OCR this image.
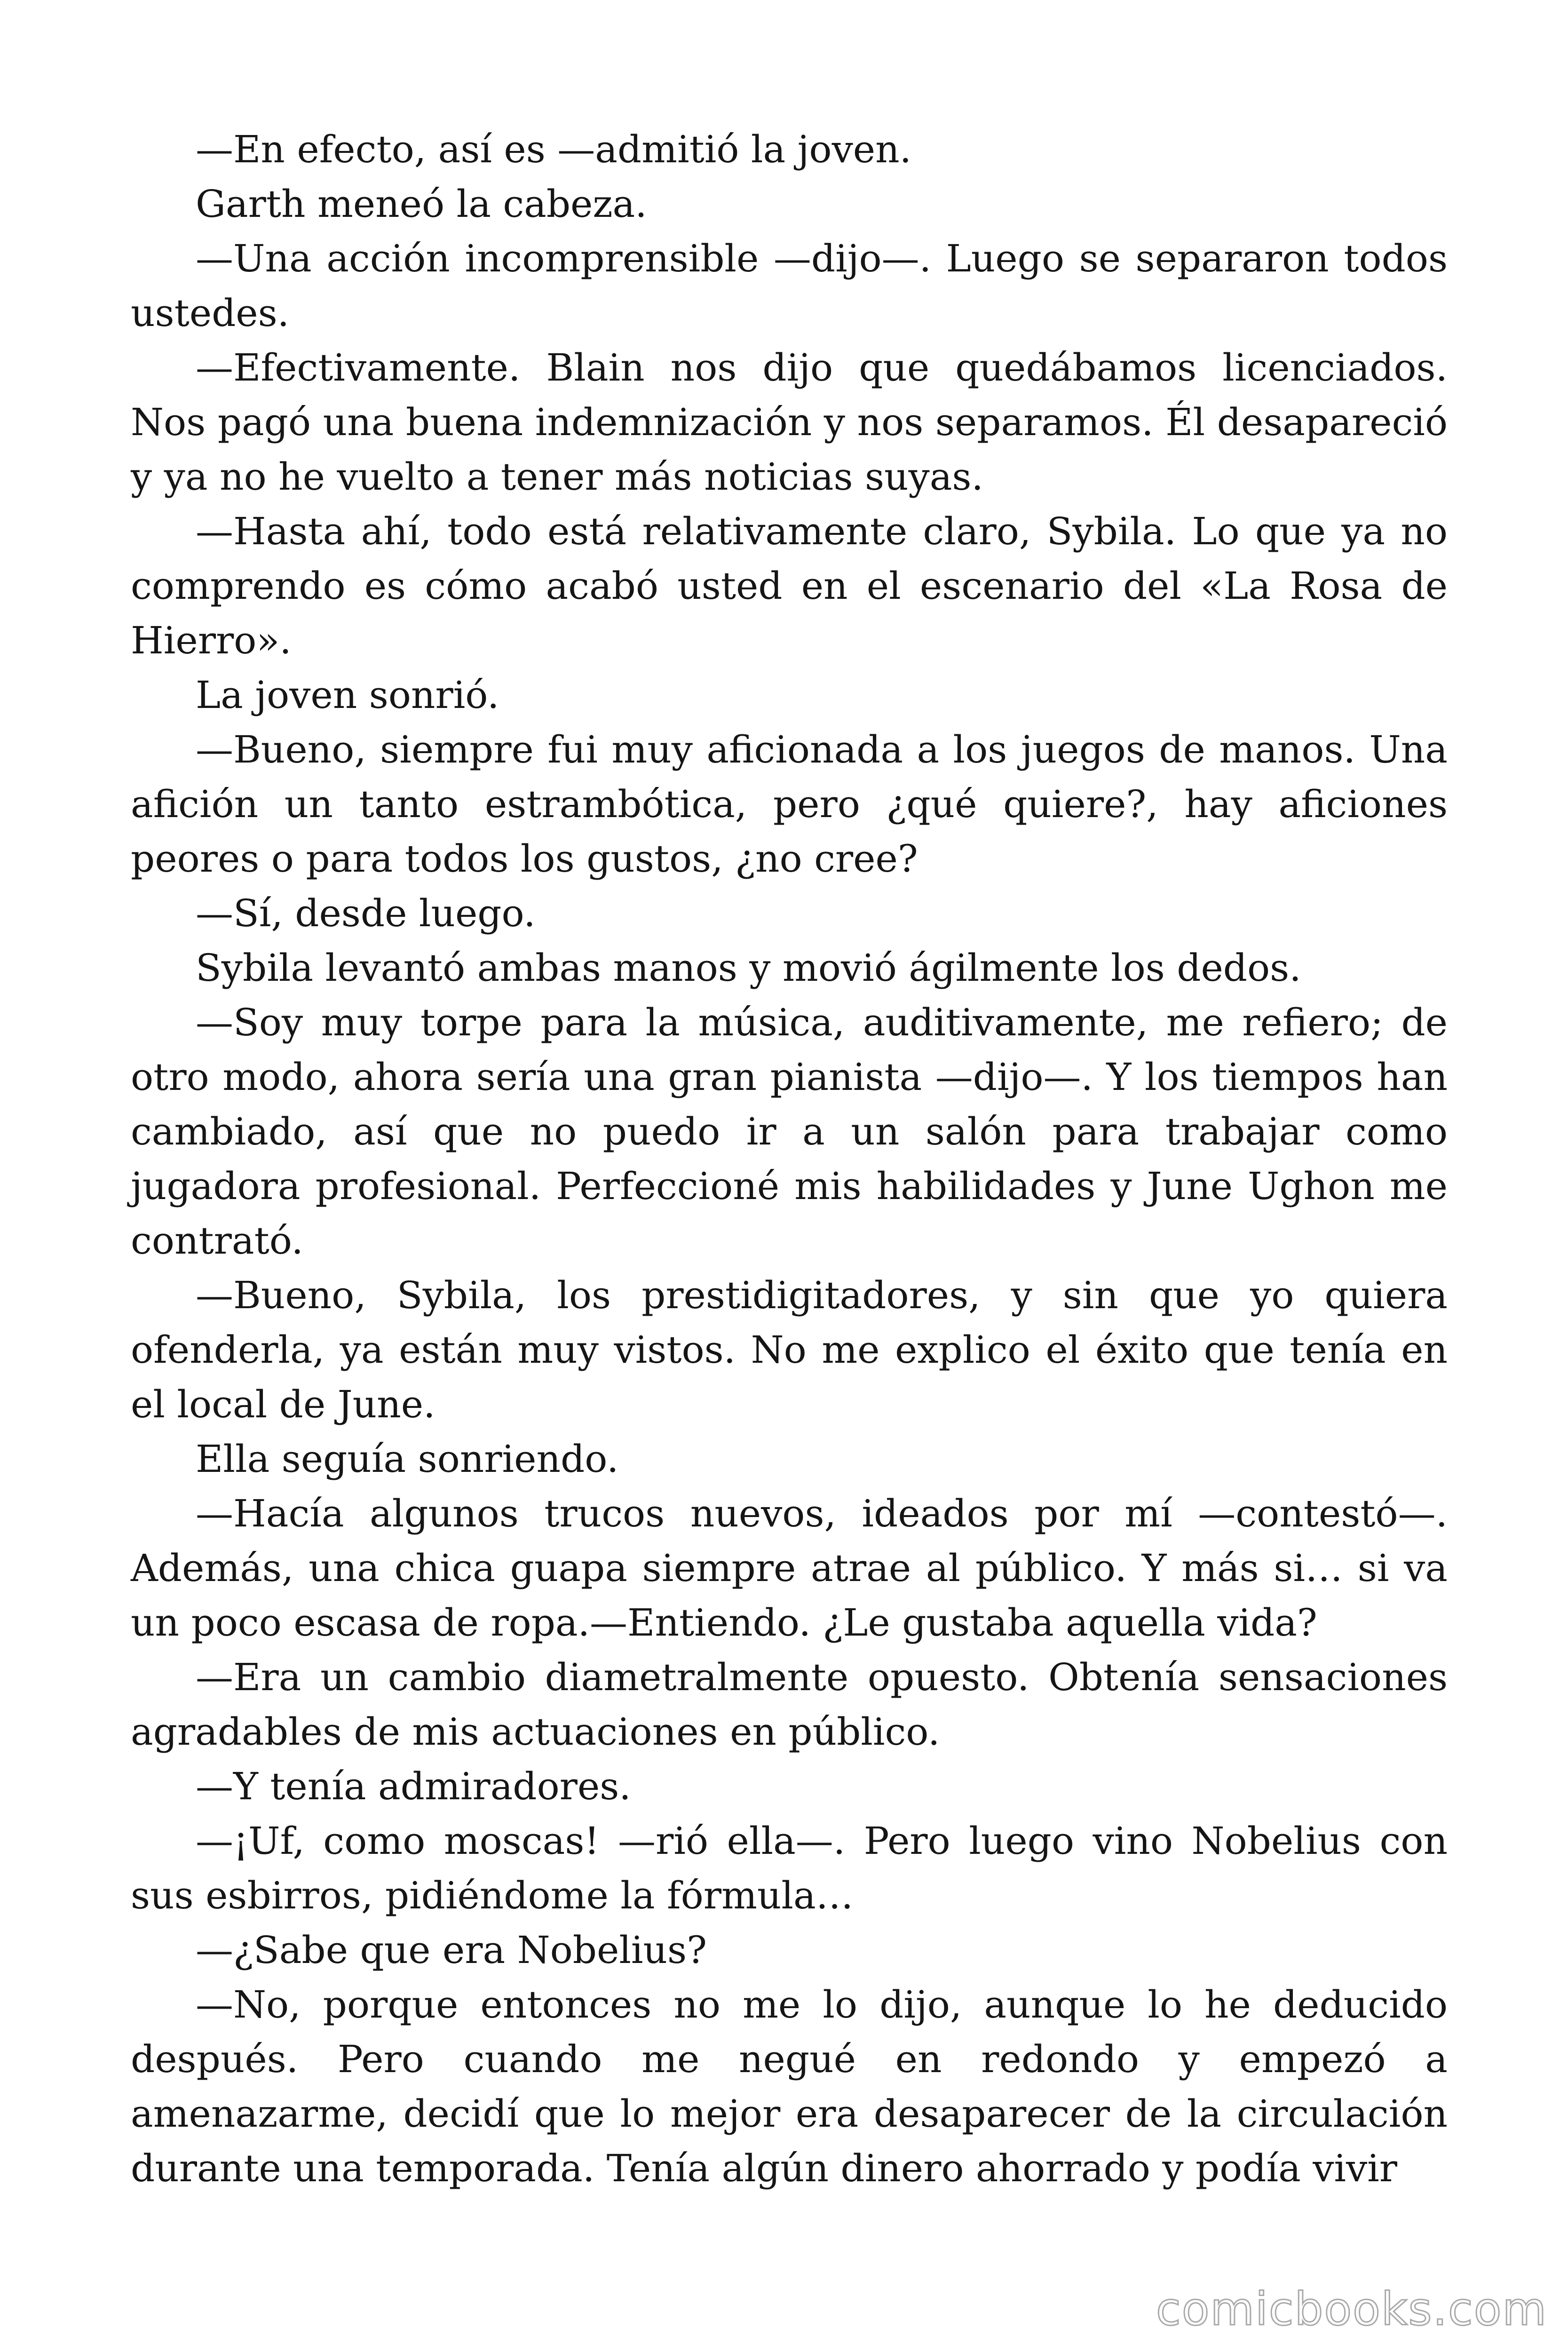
—En efecto, así es —admitió la joven.

Garth meneó la cabeza.

—Una acción incomprensible —dijo—. Luego se separaron todos ustedes.

—Efectivamente. Blain nos dijo que quedábamos licenciados. Nos pagó una buena indemnización y nos separamos. Él desapareció y ya no he vuelto a tener más noticias suyas.

—Hasta ahí, todo está relativamente claro, Sybila. Lo que ya no comprendo es cómo acabó usted en el escenario del «La Rosa de Hierro».

La joven sonrió.

—Bueno, siempre fui muy aficionada a los juegos de manos. Una afición un tanto estrambótica, pero ¿qué quiere?, hay aficiones peores o para todos los gustos, ¿no cree?

—Sí, desde luego.

Sybila levantó ambas manos y movió ágilmente los dedos.

—Soy muy torpe para la música, auditivamente, me refiero; de otro modo, ahora sería una gran pianista —dijo—. Y los tiempos han cambiado, así que no puedo ir a un salón para trabajar como jugadora profesional. Perfeccioné mis habilidades y June Ughon me contrató.

—Bueno, Sybila, los prestidigitadores, y sin que yo quiera ofenderla, ya están muy vistos. No me explico el éxito que tenía en el local de June.

Ella seguía sonriendo.

—Hacía algunos trucos nuevos, ideados por mí —contestó—. Además, una chica guapa siempre atrae al público. Y más si… si va un poco escasa de ropa.—Entiendo. ¿Le gustaba aquella vida?

—Era un cambio diametralmente opuesto. Obtenía sensaciones agradables de mis actuaciones en público.

—Y tenía admiradores.

—¡Uf, como moscas! —rió ella—. Pero luego vino Nobelius con sus esbirros, pidiéndome la fórmula…

—¿Sabe que era Nobelius?

—No, porque entonces no me lo dijo, aunque lo he deducido después. Pero cuando me negué en redondo y empezó a amenazarme, decidí que lo mejor era desaparecer de la circulación durante una temporada. Tenía algún dinero ahorrado y podía vivir

comicbooks.com
